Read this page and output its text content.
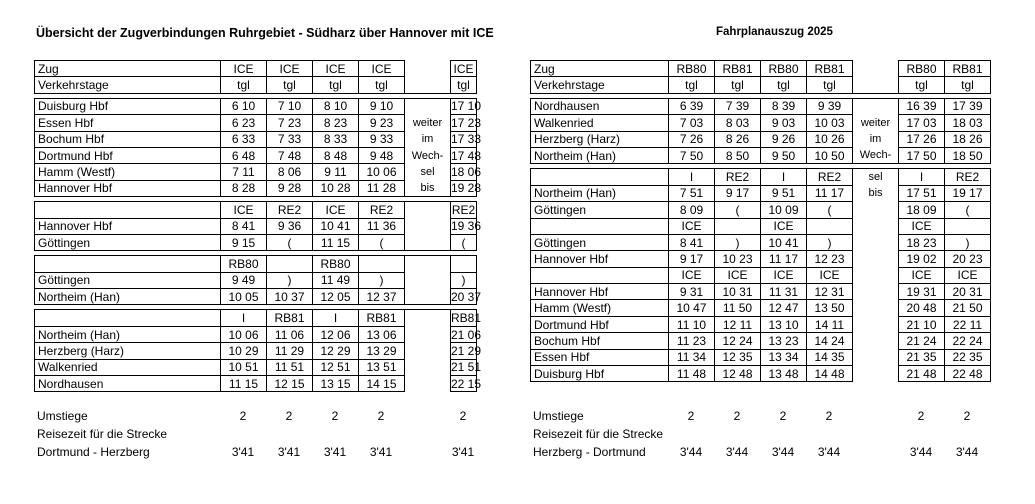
Übersicht der Zugverbindungen Ruhrgebiet - Südharz über Hannover mit ICE	Fahrplanauszug 2025
Zug	ICE	ICE	ICE	ICE		ICE
Verkehrstage	tgl	tgl	tgl	tgl		tgl

Duisburg Hbf	6 10	7 10	8 10	9 10		17 10
Essen Hbf	6 23	7 23	8 23	9 23	weiter	17 23
Bochum Hbf	6 33	7 33	8 33	9 33	im	17 33
Dortmund Hbf	6 48	7 48	8 48	9 48	Wech-	17 48
Hamm (Westf)	7 11	8 06	9 11	10 06	sel	18 06
Hannover Hbf	8 28	9 28	10 28	11 28	bis	19 28

	ICE	RE2	ICE	RE2		RE2
Hannover Hbf	8 41	9 36	10 41	11 36		19 36
Göttingen	9 15	(	11 15	(		(

	RB80		RB80			
Göttingen	9 49	)	11 49	)		)
Northeim (Han)	10 05	10 37	12 05	12 37		20 37

	I	RB81	I	RB81		RB81
Northeim (Han)	10 06	11 06	12 06	13 06		21 06
Herzberg (Harz)	10 29	11 29	12 29	13 29		21 29
Walkenried	10 51	11 51	12 51	13 51		21 51
Nordhausen	11 15	12 15	13 15	14 15		22 15
Zug	RB80	RB81	RB80	RB81		RB80	RB81
Verkehrstage	tgl	tgl	tgl	tgl		tgl	tgl

Nordhausen	6 39	7 39	8 39	9 39		16 39	17 39
Walkenried	7 03	8 03	9 03	10 03	weiter	17 03	18 03
Herzberg (Harz)	7 26	8 26	9 26	10 26	im	17 26	18 26
Northeim (Han)	7 50	8 50	9 50	10 50	Wech-	17 50	18 50

	I	RE2	I	RE2	sel	I	RE2
Northeim (Han)	7 51	9 17	9 51	11 17	bis	17 51	19 17
Göttingen	8 09	(	10 09	(		18 09	(
	ICE		ICE			ICE	
Göttingen	8 41	)	10 41	)		18 23	)
Hannover Hbf	9 17	10 23	11 17	12 23		19 02	20 23
	ICE	ICE	ICE	ICE		ICE	ICE
Hannover Hbf	9 31	10 31	11 31	12 31		19 31	20 31
Hamm (Westf)	10 47	11 50	12 47	13 50		20 48	21 50
Dortmund Hbf	11 10	12 11	13 10	14 11		21 10	22 11
Bochum Hbf	11 23	12 24	13 23	14 24		21 24	22 24
Essen Hbf	11 34	12 35	13 34	14 35		21 35	22 35
Duisburg Hbf	11 48	12 48	13 48	14 48		21 48	22 48
Umstiege	2	2	2	2		2
Reisezeit für die Strecke						
Dortmund - Herzberg	3'41	3'41	3'41	3'41		3'41
Umstiege	2	2	2	2		2	2
Reisezeit für die Strecke							
Herzberg - Dortmund	3'44	3'44	3'44	3'44		3'44	3'44
